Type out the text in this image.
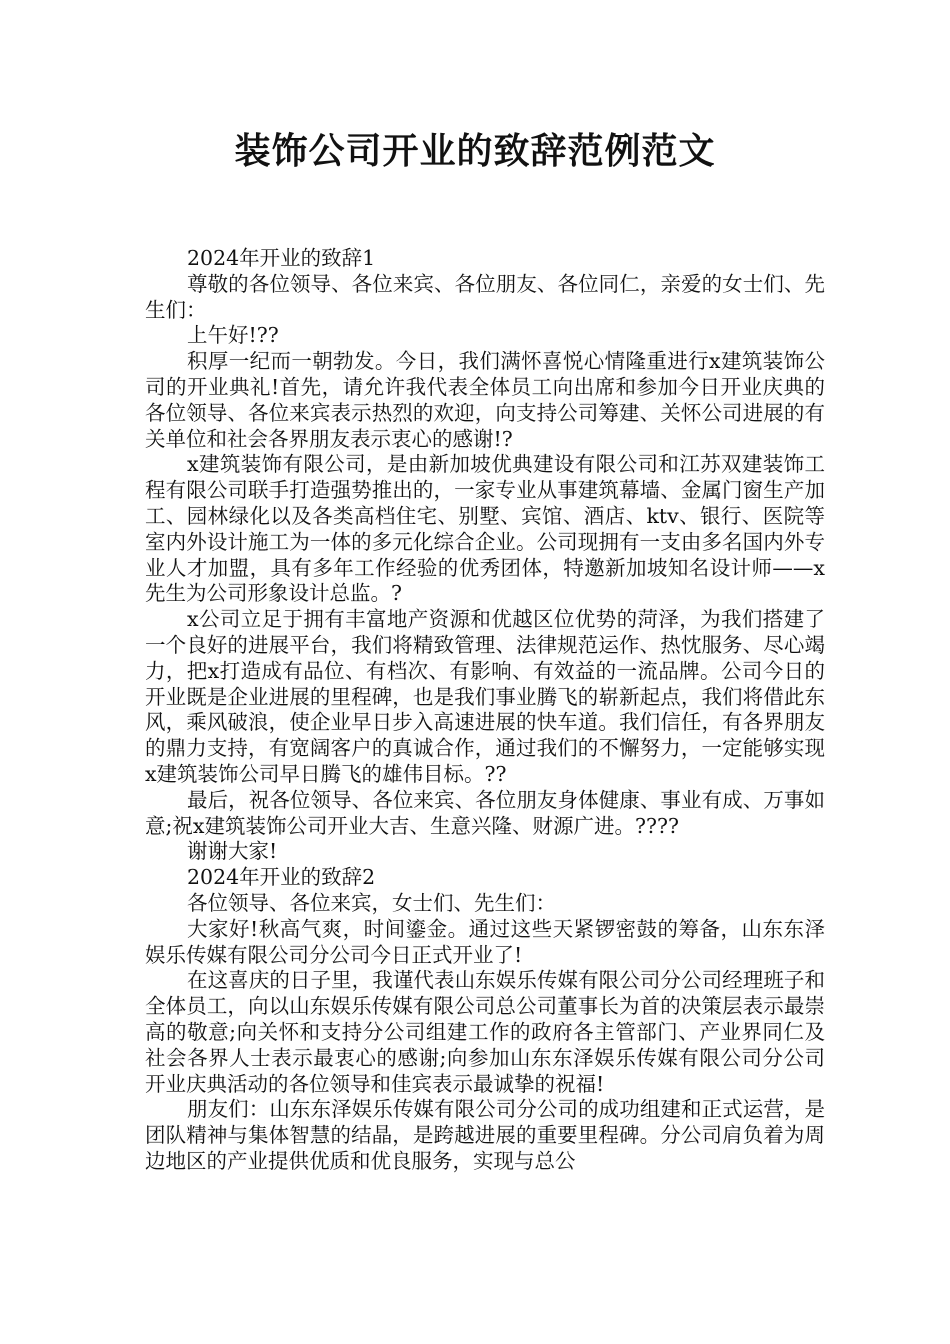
装饰公司开业的致辞范例范文

2024年开业的致辞1

尊敬的各位领导、各位来宾、各位朋友、各位同仁，亲爱的女士们、先生们：

上午好!??

积厚一纪而一朝勃发。今日，我们满怀喜悦心情隆重进行x建筑装饰公司的开业典礼!首先，请允许我代表全体员工向出席和参加今日开业庆典的各位领导、各位来宾表示热烈的欢迎，向支持公司筹建、关怀公司进展的有关单位和社会各界朋友表示衷心的感谢!?

x建筑装饰有限公司，是由新加坡优典建设有限公司和江苏双建装饰工程有限公司联手打造强势推出的，一家专业从事建筑幕墙、金属门窗生产加工、园林绿化以及各类高档住宅、别墅、宾馆、酒店、ktv、银行、医院等室内外设计施工为一体的多元化综合企业。公司现拥有一支由多名国内外专业人才加盟，具有多年工作经验的优秀团体，特邀新加坡知名设计师——x先生为公司形象设计总监。?

x公司立足于拥有丰富地产资源和优越区位优势的菏泽，为我们搭建了一个良好的进展平台，我们将精致管理、法律规范运作、热忱服务、尽心竭力，把x打造成有品位、有档次、有影响、有效益的一流品牌。公司今日的开业既是企业进展的里程碑，也是我们事业腾飞的崭新起点，我们将借此东风，乘风破浪，使企业早日步入高速进展的快车道。我们信任，有各界朋友的鼎力支持，有宽阔客户的真诚合作，通过我们的不懈努力，一定能够实现x建筑装饰公司早日腾飞的雄伟目标。??

最后，祝各位领导、各位来宾、各位朋友身体健康、事业有成、万事如意;祝x建筑装饰公司开业大吉、生意兴隆、财源广进。????

谢谢大家!

2024年开业的致辞2

各位领导、各位来宾，女士们、先生们：

大家好!秋高气爽，时间鎏金。通过这些天紧锣密鼓的筹备，山东东泽娱乐传媒有限公司分公司今日正式开业了!

在这喜庆的日子里，我谨代表山东娱乐传媒有限公司分公司经理班子和全体员工，向以山东娱乐传媒有限公司总公司董事长为首的决策层表示最崇高的敬意;向关怀和支持分公司组建工作的政府各主管部门、产业界同仁及社会各界人士表示最衷心的感谢;向参加山东东泽娱乐传媒有限公司分公司开业庆典活动的各位领导和佳宾表示最诚挚的祝福!

朋友们：山东东泽娱乐传媒有限公司分公司的成功组建和正式运营，是团队精神与集体智慧的结晶，是跨越进展的重要里程碑。分公司肩负着为周边地区的产业提供优质和优良服务，实现与总公
